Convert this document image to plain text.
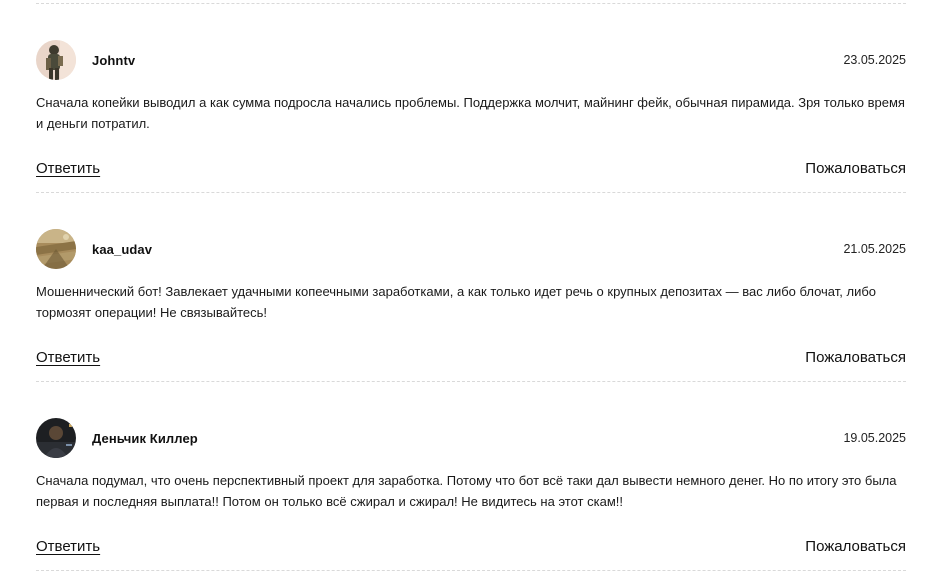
Johntv	23.05.2025

Сначала копейки выводил а как сумма подросла начались проблемы. Поддержка молчит, майнинг фейк, обычная пирамида. Зря только время и деньги потратил.

Ответить	Пожаловаться
kaa_udav	21.05.2025

Мошеннический бот! Завлекает удачными копеечными заработками, а как только идет речь о крупных депозитах — вас либо блочат, либо тормозят операции! Не связывайтесь!

Ответить	Пожаловаться
Деньчик Киллер	19.05.2025

Сначала подумал, что очень перспективный проект для заработка. Потому что бот всё таки дал вывести немного денег. Но по итогу это была первая и последняя выплата!! Потом он только всё сжирал и сжирал! Не видитесь на этот скам!!

Ответить	Пожаловаться
